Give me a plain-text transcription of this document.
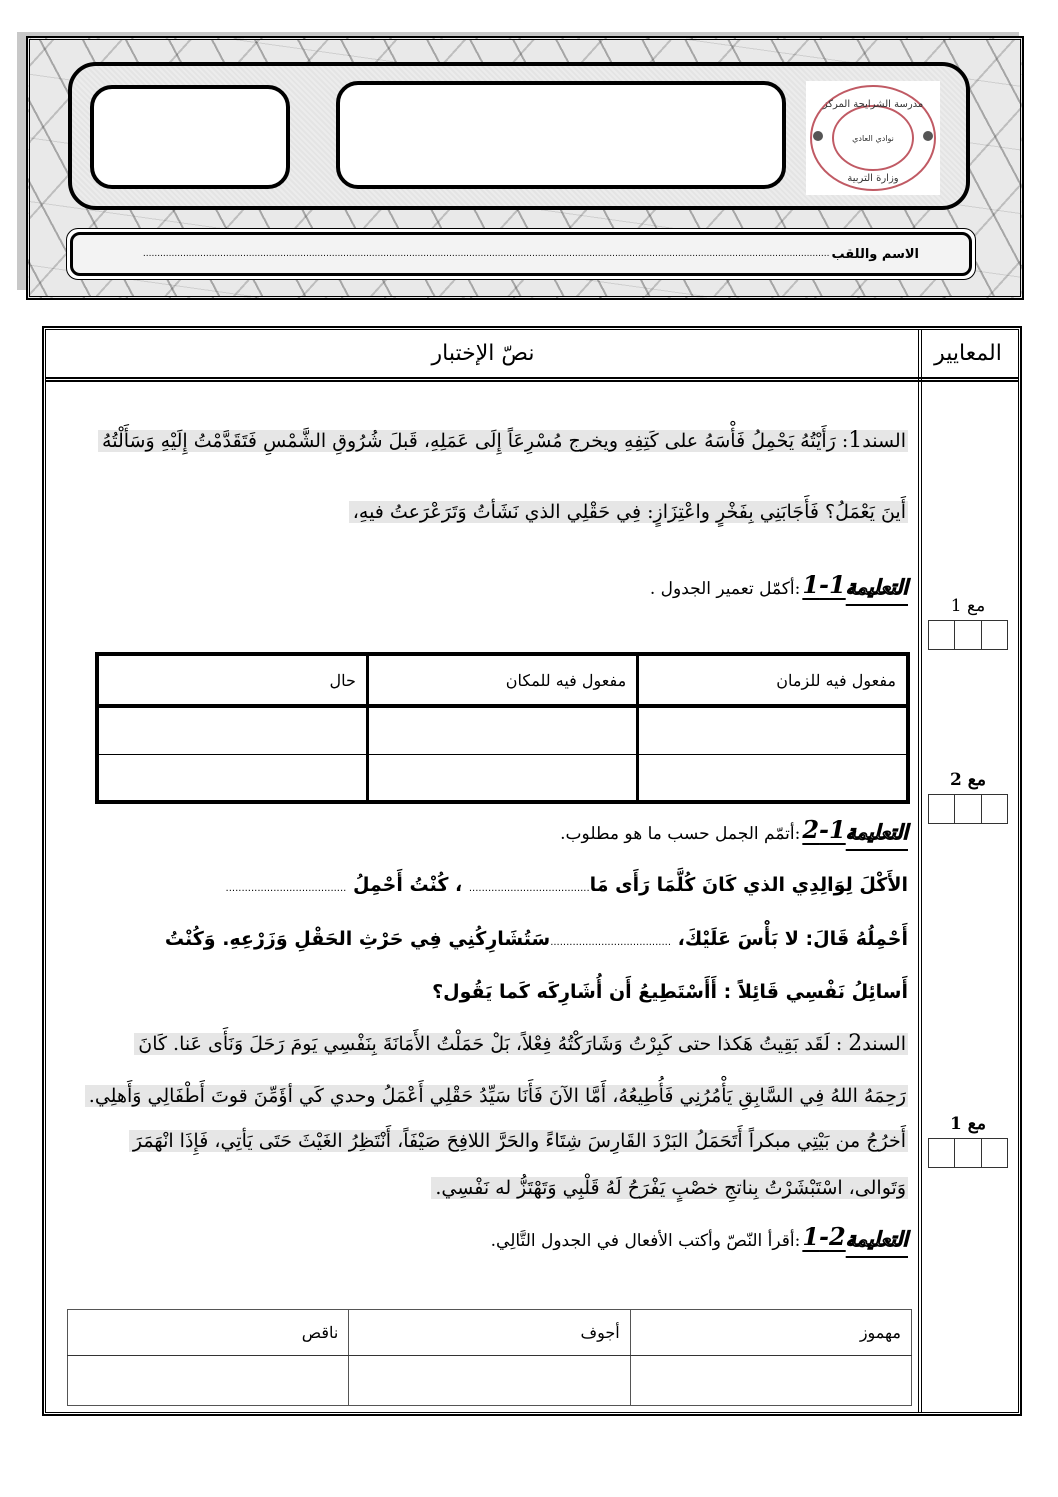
مدرسة الشرايحة المركز
نوادي العادي
وزارة التربية
الاسم واللقب
................................................................................................................................................................................................................................................
المعايير
نصّ الإختبار
السند1: رَأَيْتُهُ يَحْمِلُ فَأْسَهُ على كَتِفِهِ ويخرج مُسْرِعَاً إِلَى عَمَلِهِ، قَبلَ شُرُوقِ الشَّمْسِ فَتَقَدَّمْتُ إِلَيْهِ وَسَأَلْتُهُ
أَينَ يَعْمَلُ؟ فَأَجَابَنِي بِفَخْرٍ واعْتِزَازٍ: فِي حَقْلِي الذي نَشَأتُ وَتَرَعْرَعتُ فيهِ،
التعليمة
1
-
1
:أكمّل تعمير الجدول .
مفعول فيه للزمان	مفعول فيه للمكان	حال

التعليمة
1
-
2
:أتمّم الجمل حسب ما هو مطلوب.
الأَكْلَ لِوَالِدِي الذي كَانَ كُلَّمَا رَأَى مَا...................................... ، كُنْتُ أَحْمِلُ ......................................
أَحْمِلُهُ قَالَ: لا بَأْسَ عَلَيْكَ، ......................................سَتُشَارِكُنِي فِي حَرْثِ الحَقْلِ وَزَرْعِهِ. وَكُنْتُ
أَسائِلُ نَفْسِي قَائِلاً : أَأَسْتَطِيعُ أَن أُشَارِكَه كَما يَقُول؟
السند2 : لَقَد بَقِيتُ هَكذا حتى كَبِرْتُ وَشَارَكْتُهُ فِعْلاً، بَلْ حَمَلْتُ الأَمَانَةَ بِنَفْسِي يَومَ رَحَلَ وَنَأَى عَنا. كَانَ
رَحِمَهُ اللهُ فِي السَّابِقِ يَأْمُرُنِي فَأُطِيعُهُ، أَمَّا الآنَ فَأَنَا سَيِّدُ حَقْلِي أَعْمَلُ وحدي كَي أؤَمِّنَ قوتَ أَطْفَالِي وَأَهلِي.
أَخرُجُ من بَيْتِي مبكراً أَتَحَمَلُ البَرْدَ القَارِسَ شِتَاءً والحَرَّ اللافِحَ صَيْفَاً، أَنْتَظِرُ الغَيْثَ حَتَى يَأتِي، فَإِذَا انْهَمَرَ
وَتَوالى، اسْتَبْشَرْتُ بِناتجِ خصْبٍ يَفْرَحُ لَهُ قَلْبِي وَتَهْتَزُّ له نَفْسِي.
التعليمة
2
-
1
:أقرأ النّصّ وأكتب الأفعال في الجدول التَّالِي.
مهموز	أجوف	ناقص

مع 1
مع 2
مع 1
